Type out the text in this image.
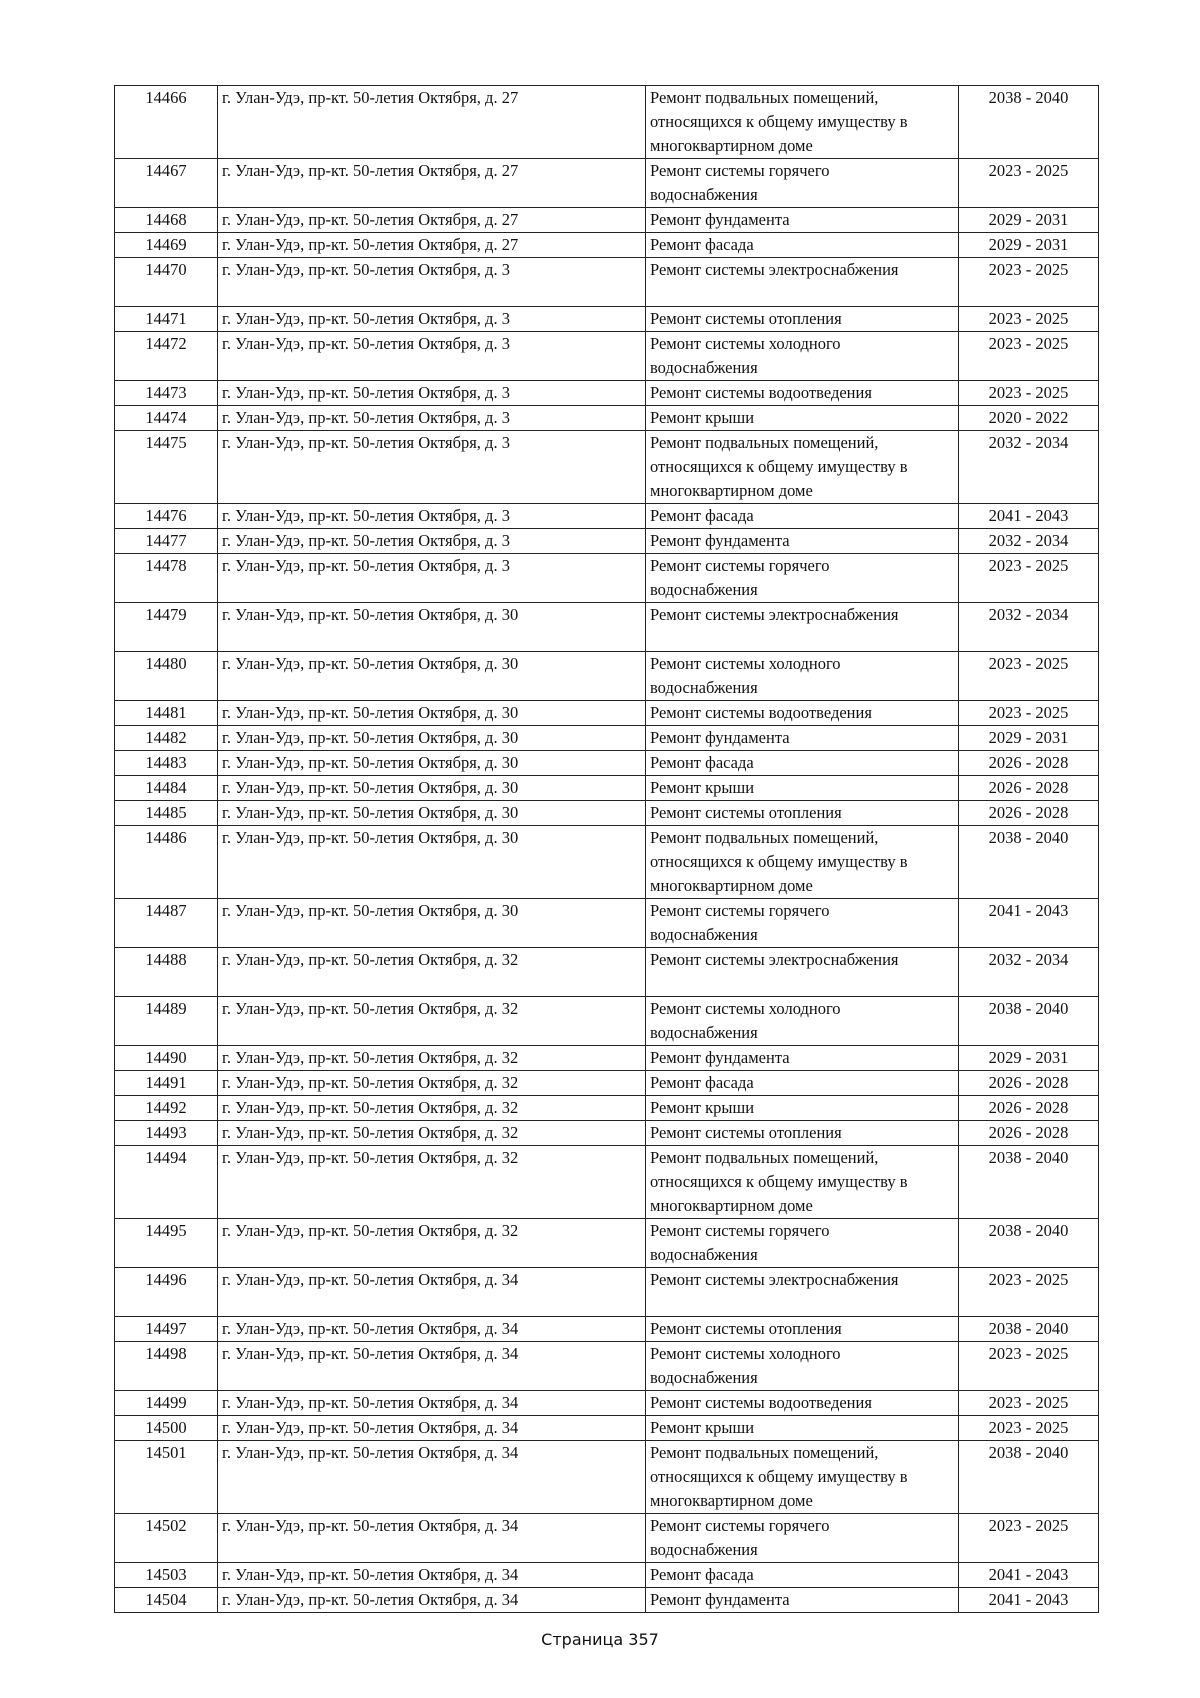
14466	г. Улан-Удэ, пр-кт. 50-летия Октября, д. 27	Ремонт подвальных помещений,
относящихся к общему имуществу в
многоквартирном доме	2038 - 2040
14467	г. Улан-Удэ, пр-кт. 50-летия Октября, д. 27	Ремонт системы горячего
водоснабжения	2023 - 2025
14468	г. Улан-Удэ, пр-кт. 50-летия Октября, д. 27	Ремонт фундамента	2029 - 2031
14469	г. Улан-Удэ, пр-кт. 50-летия Октября, д. 27	Ремонт фасада	2029 - 2031
14470	г. Улан-Удэ, пр-кт. 50-летия Октября, д. 3	Ремонт системы электроснабжения	2023 - 2025
14471	г. Улан-Удэ, пр-кт. 50-летия Октября, д. 3	Ремонт системы отопления	2023 - 2025
14472	г. Улан-Удэ, пр-кт. 50-летия Октября, д. 3	Ремонт системы холодного
водоснабжения	2023 - 2025
14473	г. Улан-Удэ, пр-кт. 50-летия Октября, д. 3	Ремонт системы водоотведения	2023 - 2025
14474	г. Улан-Удэ, пр-кт. 50-летия Октября, д. 3	Ремонт крыши	2020 - 2022
14475	г. Улан-Удэ, пр-кт. 50-летия Октября, д. 3	Ремонт подвальных помещений,
относящихся к общему имуществу в
многоквартирном доме	2032 - 2034
14476	г. Улан-Удэ, пр-кт. 50-летия Октября, д. 3	Ремонт фасада	2041 - 2043
14477	г. Улан-Удэ, пр-кт. 50-летия Октября, д. 3	Ремонт фундамента	2032 - 2034
14478	г. Улан-Удэ, пр-кт. 50-летия Октября, д. 3	Ремонт системы горячего
водоснабжения	2023 - 2025
14479	г. Улан-Удэ, пр-кт. 50-летия Октября, д. 30	Ремонт системы электроснабжения	2032 - 2034
14480	г. Улан-Удэ, пр-кт. 50-летия Октября, д. 30	Ремонт системы холодного
водоснабжения	2023 - 2025
14481	г. Улан-Удэ, пр-кт. 50-летия Октября, д. 30	Ремонт системы водоотведения	2023 - 2025
14482	г. Улан-Удэ, пр-кт. 50-летия Октября, д. 30	Ремонт фундамента	2029 - 2031
14483	г. Улан-Удэ, пр-кт. 50-летия Октября, д. 30	Ремонт фасада	2026 - 2028
14484	г. Улан-Удэ, пр-кт. 50-летия Октября, д. 30	Ремонт крыши	2026 - 2028
14485	г. Улан-Удэ, пр-кт. 50-летия Октября, д. 30	Ремонт системы отопления	2026 - 2028
14486	г. Улан-Удэ, пр-кт. 50-летия Октября, д. 30	Ремонт подвальных помещений,
относящихся к общему имуществу в
многоквартирном доме	2038 - 2040
14487	г. Улан-Удэ, пр-кт. 50-летия Октября, д. 30	Ремонт системы горячего
водоснабжения	2041 - 2043
14488	г. Улан-Удэ, пр-кт. 50-летия Октября, д. 32	Ремонт системы электроснабжения	2032 - 2034
14489	г. Улан-Удэ, пр-кт. 50-летия Октября, д. 32	Ремонт системы холодного
водоснабжения	2038 - 2040
14490	г. Улан-Удэ, пр-кт. 50-летия Октября, д. 32	Ремонт фундамента	2029 - 2031
14491	г. Улан-Удэ, пр-кт. 50-летия Октября, д. 32	Ремонт фасада	2026 - 2028
14492	г. Улан-Удэ, пр-кт. 50-летия Октября, д. 32	Ремонт крыши	2026 - 2028
14493	г. Улан-Удэ, пр-кт. 50-летия Октября, д. 32	Ремонт системы отопления	2026 - 2028
14494	г. Улан-Удэ, пр-кт. 50-летия Октября, д. 32	Ремонт подвальных помещений,
относящихся к общему имуществу в
многоквартирном доме	2038 - 2040
14495	г. Улан-Удэ, пр-кт. 50-летия Октября, д. 32	Ремонт системы горячего
водоснабжения	2038 - 2040
14496	г. Улан-Удэ, пр-кт. 50-летия Октября, д. 34	Ремонт системы электроснабжения	2023 - 2025
14497	г. Улан-Удэ, пр-кт. 50-летия Октября, д. 34	Ремонт системы отопления	2038 - 2040
14498	г. Улан-Удэ, пр-кт. 50-летия Октября, д. 34	Ремонт системы холодного
водоснабжения	2023 - 2025
14499	г. Улан-Удэ, пр-кт. 50-летия Октября, д. 34	Ремонт системы водоотведения	2023 - 2025
14500	г. Улан-Удэ, пр-кт. 50-летия Октября, д. 34	Ремонт крыши	2023 - 2025
14501	г. Улан-Удэ, пр-кт. 50-летия Октября, д. 34	Ремонт подвальных помещений,
относящихся к общему имуществу в
многоквартирном доме	2038 - 2040
14502	г. Улан-Удэ, пр-кт. 50-летия Октября, д. 34	Ремонт системы горячего
водоснабжения	2023 - 2025
14503	г. Улан-Удэ, пр-кт. 50-летия Октября, д. 34	Ремонт фасада	2041 - 2043
14504	г. Улан-Удэ, пр-кт. 50-летия Октября, д. 34	Ремонт фундамента	2041 - 2043
Страница 357
